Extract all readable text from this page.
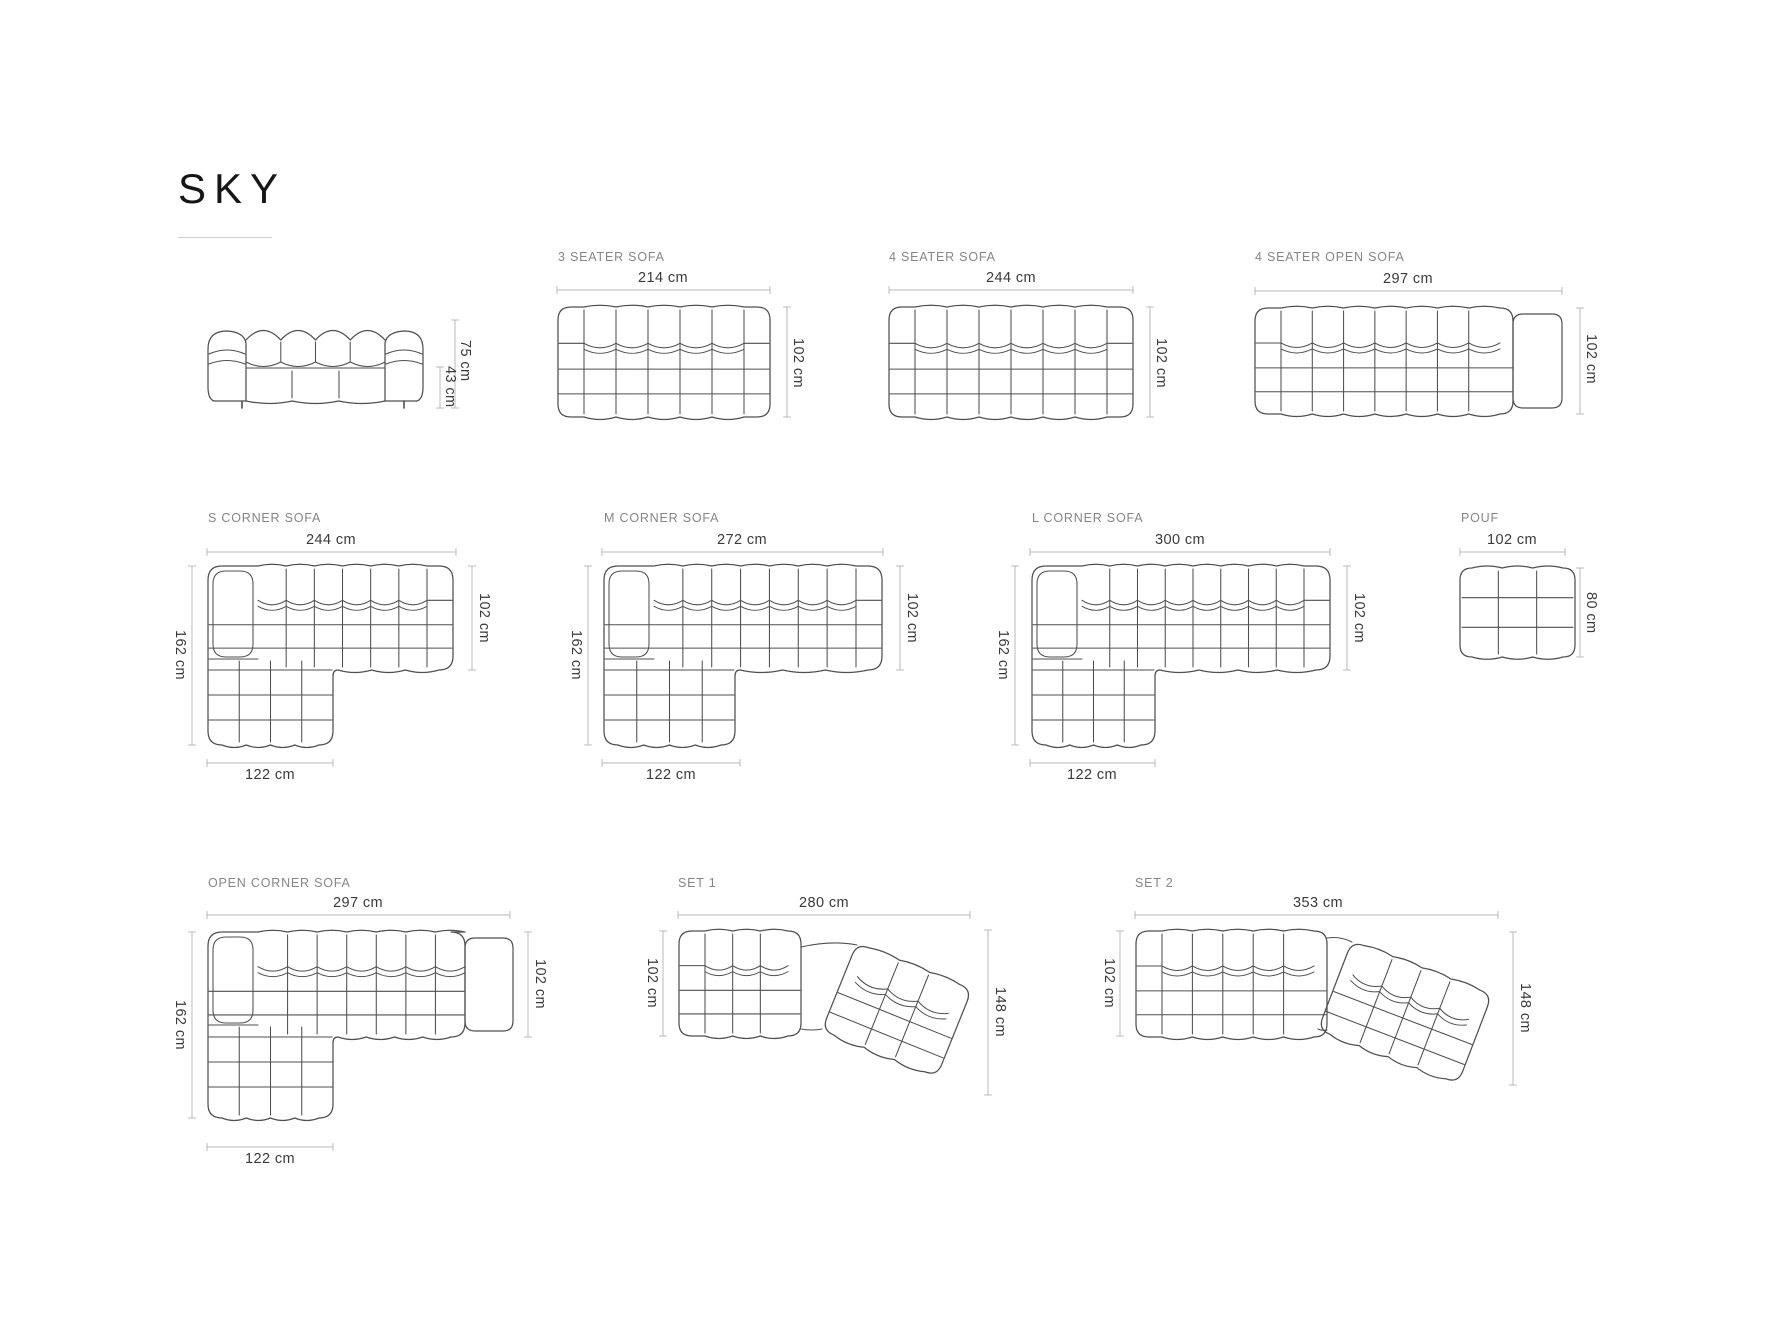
SKY
75 cm
43 cm
3 SEATER SOFA
214 cm
102 cm
4 SEATER SOFA
244 cm
102 cm
4 SEATER OPEN SOFA
297 cm
102 cm
S CORNER SOFA
244 cm
162 cm
102 cm
122 cm
M CORNER SOFA
272 cm
162 cm
102 cm
122 cm
L CORNER SOFA
300 cm
162 cm
102 cm
122 cm
POUF
102 cm
80 cm
OPEN CORNER SOFA
297 cm
162 cm
102 cm
122 cm
SET 1
280 cm
102 cm
148 cm
SET 2
353 cm
102 cm
148 cm
